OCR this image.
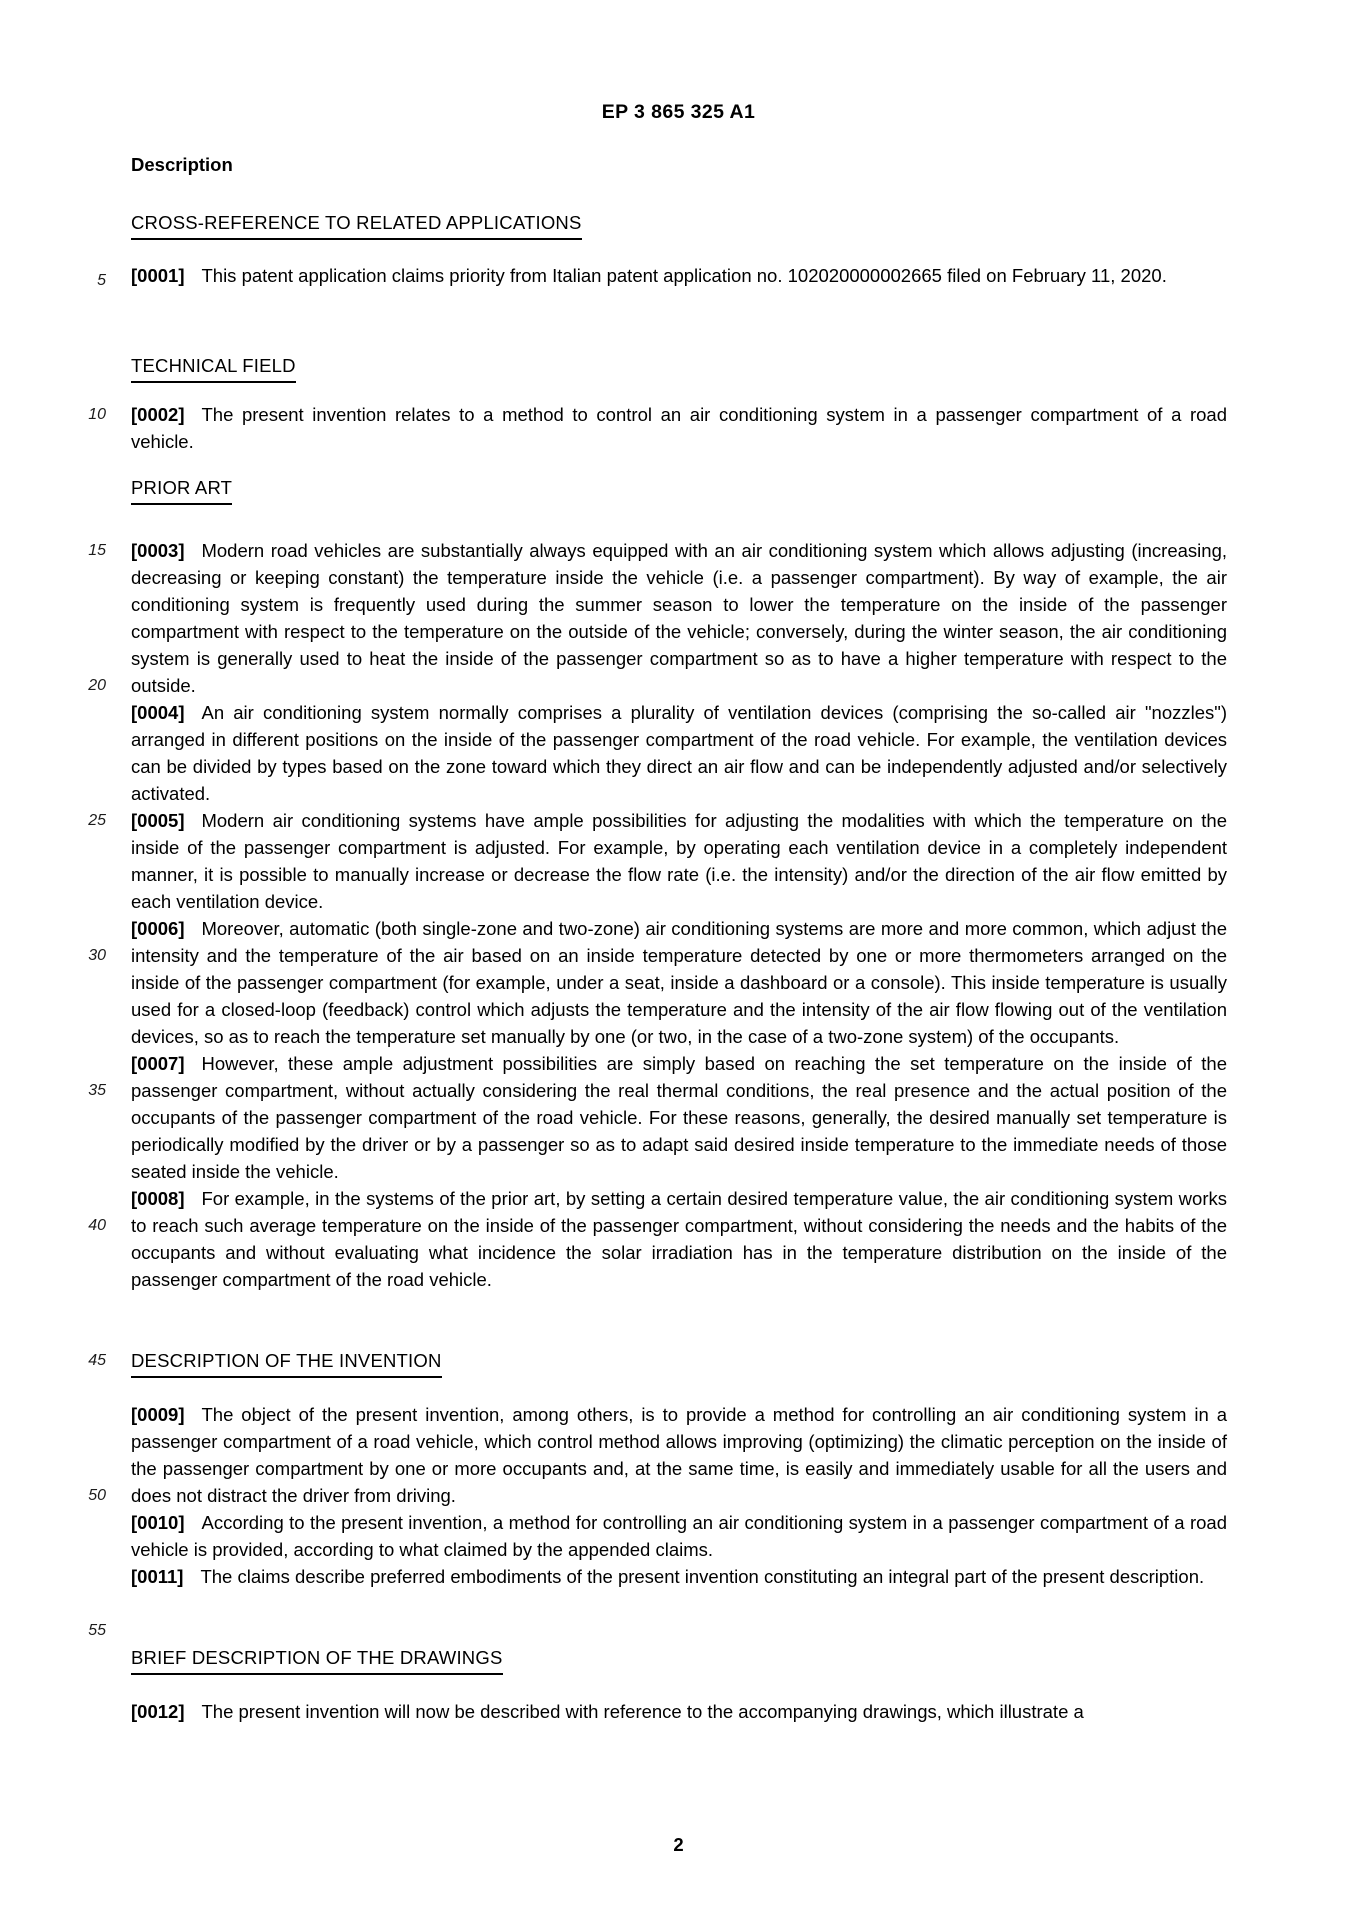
EP 3 865 325 A1
Description
5
10
15
20
25
30
35
40
45
50
55
CROSS-REFERENCE TO RELATED APPLICATIONS

[0001] This patent application claims priority from Italian patent application no. 102020000002665 filed on February 11, 2020.

TECHNICAL FIELD

[0002] The present invention relates to a method to control an air conditioning system in a passenger compartment of a road vehicle.

PRIOR ART

[0003] Modern road vehicles are substantially always equipped with an air conditioning system which allows adjusting (increasing, decreasing or keeping constant) the temperature inside the vehicle (i.e. a passenger compartment). By way of example, the air conditioning system is frequently used during the summer season to lower the temperature on the inside of the passenger compartment with respect to the temperature on the outside of the vehicle; conversely, during the winter season, the air conditioning system is generally used to heat the inside of the passenger compartment so as to have a higher temperature with respect to the outside.

[0004] An air conditioning system normally comprises a plurality of ventilation devices (comprising the so-called air "nozzles") arranged in different positions on the inside of the passenger compartment of the road vehicle. For example, the ventilation devices can be divided by types based on the zone toward which they direct an air flow and can be independently adjusted and/or selectively activated.

[0005] Modern air conditioning systems have ample possibilities for adjusting the modalities with which the temperature on the inside of the passenger compartment is adjusted. For example, by operating each ventilation device in a completely independent manner, it is possible to manually increase or decrease the flow rate (i.e. the intensity) and/or the direction of the air flow emitted by each ventilation device.

[0006] Moreover, automatic (both single-zone and two-zone) air conditioning systems are more and more common, which adjust the intensity and the temperature of the air based on an inside temperature detected by one or more thermometers arranged on the inside of the passenger compartment (for example, under a seat, inside a dashboard or a console). This inside temperature is usually used for a closed-loop (feedback) control which adjusts the temperature and the intensity of the air flow flowing out of the ventilation devices, so as to reach the temperature set manually by one (or two, in the case of a two-zone system) of the occupants.

[0007] However, these ample adjustment possibilities are simply based on reaching the set temperature on the inside of the passenger compartment, without actually considering the real thermal conditions, the real presence and the actual position of the occupants of the passenger compartment of the road vehicle. For these reasons, generally, the desired manually set temperature is periodically modified by the driver or by a passenger so as to adapt said desired inside temperature to the immediate needs of those seated inside the vehicle.

[0008] For example, in the systems of the prior art, by setting a certain desired temperature value, the air conditioning system works to reach such average temperature on the inside of the passenger compartment, without considering the needs and the habits of the occupants and without evaluating what incidence the solar irradiation has in the temperature distribution on the inside of the passenger compartment of the road vehicle.

DESCRIPTION OF THE INVENTION

[0009] The object of the present invention, among others, is to provide a method for controlling an air conditioning system in a passenger compartment of a road vehicle, which control method allows improving (optimizing) the climatic perception on the inside of the passenger compartment by one or more occupants and, at the same time, is easily and immediately usable for all the users and does not distract the driver from driving.

[0010] According to the present invention, a method for controlling an air conditioning system in a passenger compartment of a road vehicle is provided, according to what claimed by the appended claims.

[0011] The claims describe preferred embodiments of the present invention constituting an integral part of the present description.

BRIEF DESCRIPTION OF THE DRAWINGS

[0012] The present invention will now be described with reference to the accompanying drawings, which illustrate a

2
